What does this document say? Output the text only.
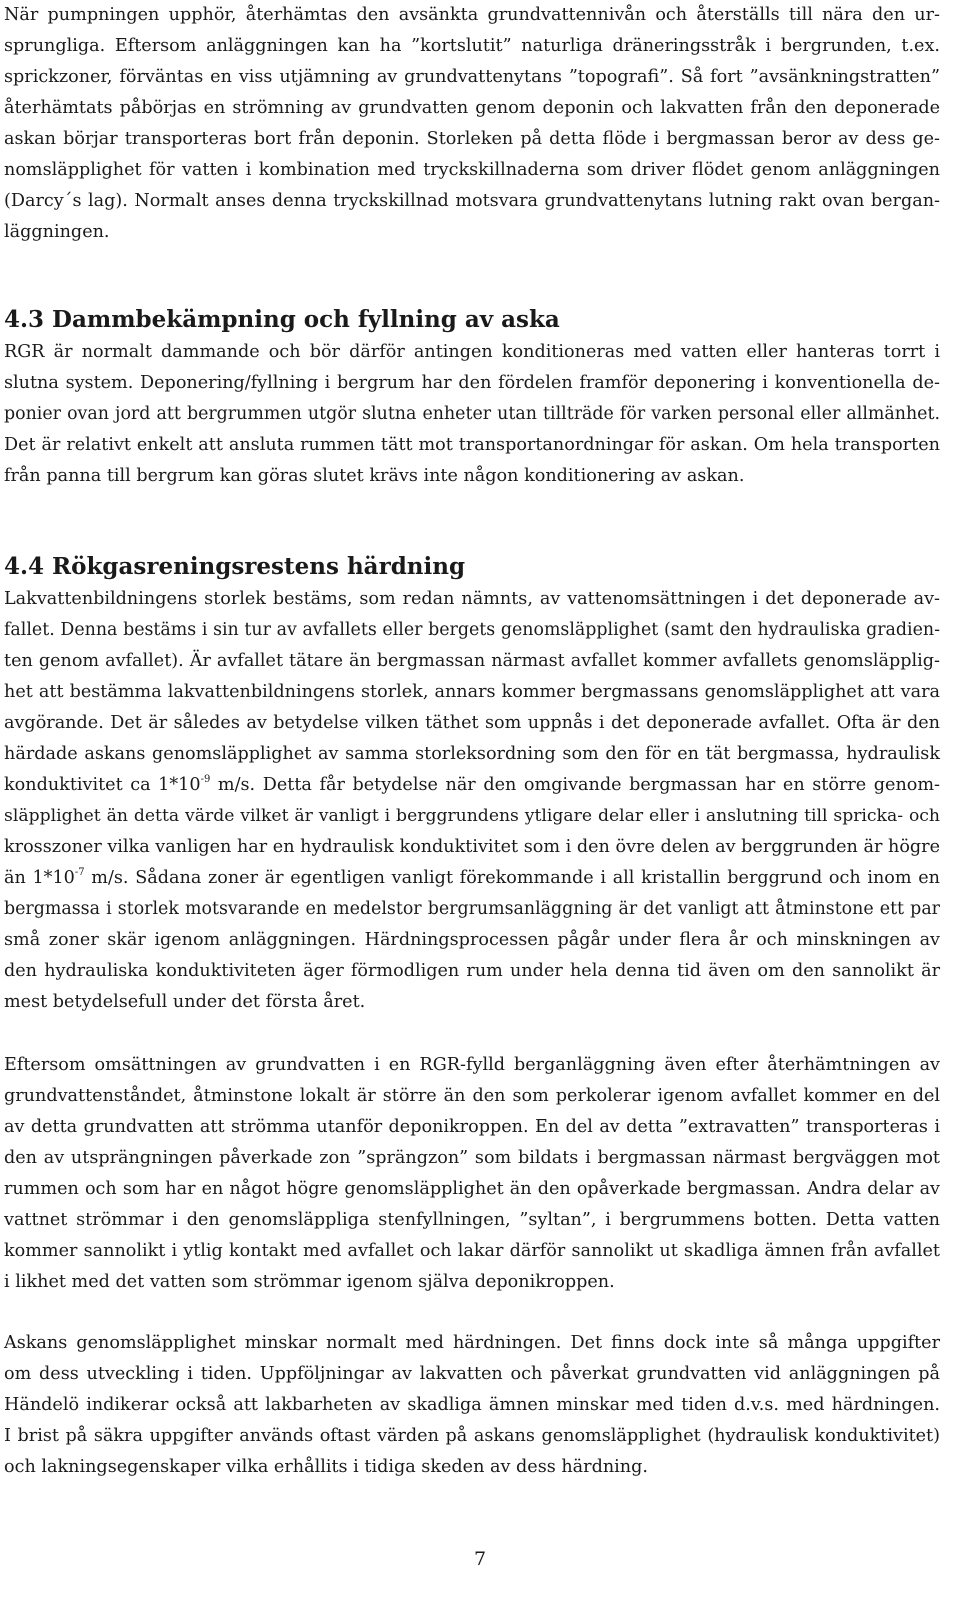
När pumpningen upphör, återhämtas den avsänkta grundvattennivån och återställs till nära den ur-
sprungliga. Eftersom anläggningen kan ha ”kortslutit” naturliga dräneringsstråk i bergrunden, t.ex.
sprickzoner, förväntas en viss utjämning av grundvattenytans ”topografi”. Så fort ”avsänkningstratten”
återhämtats påbörjas en strömning av grundvatten genom deponin och lakvatten från den deponerade
askan börjar transporteras bort från deponin. Storleken på detta flöde i bergmassan beror av dess ge-
nomsläpplighet för vatten i kombination med tryckskillnaderna som driver flödet genom anläggningen
(Darcy´s lag). Normalt anses denna tryckskillnad motsvara grundvattenytans lutning rakt ovan bergan-
läggningen.
4.3 Dammbekämpning och fyllning av aska
RGR är normalt dammande och bör därför antingen konditioneras med vatten eller hanteras torrt i
slutna system. Deponering/fyllning i bergrum har den fördelen framför deponering i konventionella de-
ponier ovan jord att bergrummen utgör slutna enheter utan tillträde för varken personal eller allmänhet.
Det är relativt enkelt att ansluta rummen tätt mot transportanordningar för askan. Om hela transporten
från panna till bergrum kan göras slutet krävs inte någon konditionering av askan.
4.4 Rökgasreningsrestens härdning
Lakvattenbildningens storlek bestäms, som redan nämnts, av vattenomsättningen i det deponerade av-
fallet. Denna bestäms i sin tur av avfallets eller bergets genomsläpplighet (samt den hydrauliska gradien-
ten genom avfallet). Är avfallet tätare än bergmassan närmast avfallet kommer avfallets genomsläpplig-
het att bestämma lakvattenbildningens storlek, annars kommer bergmassans genomsläpplighet att vara
avgörande. Det är således av betydelse vilken täthet som uppnås i det deponerade avfallet. Ofta är den
härdade askans genomsläpplighet av samma storleksordning som den för en tät bergmassa, hydraulisk
konduktivitet ca $1*10^{-9}$ m/s. Detta får betydelse när den omgivande bergmassan har en större genom-
släpplighet än detta värde vilket är vanligt i berggrundens ytligare delar eller i anslutning till spricka- och
krosszoner vilka vanligen har en hydraulisk konduktivitet som i den övre delen av berggrunden är högre
än $1*10^{-7}$ m/s. Sådana zoner är egentligen vanligt förekommande i all kristallin berggrund och inom en
bergmassa i storlek motsvarande en medelstor bergrumsanläggning är det vanligt att åtminstone ett par
små zoner skär igenom anläggningen. Härdningsprocessen pågår under flera år och minskningen av
den hydrauliska konduktiviteten äger förmodligen rum under hela denna tid även om den sannolikt är
mest betydelsefull under det första året.
Eftersom omsättningen av grundvatten i en RGR-fylld berganläggning även efter återhämtningen av
grundvattenståndet, åtminstone lokalt är större än den som perkolerar igenom avfallet kommer en del
av detta grundvatten att strömma utanför deponikroppen. En del av detta ”extravatten” transporteras i
den av utsprängningen påverkade zon ”sprängzon” som bildats i bergmassan närmast bergväggen mot
rummen och som har en något högre genomsläpplighet än den opåverkade bergmassan. Andra delar av
vattnet strömmar i den genomsläppliga stenfyllningen, ”syltan”, i bergrummens botten. Detta vatten
kommer sannolikt i ytlig kontakt med avfallet och lakar därför sannolikt ut skadliga ämnen från avfallet
i likhet med det vatten som strömmar igenom själva deponikroppen.
Askans genomsläpplighet minskar normalt med härdningen. Det finns dock inte så många uppgifter
om dess utveckling i tiden. Uppföljningar av lakvatten och påverkat grundvatten vid anläggningen på
Händelö indikerar också att lakbarheten av skadliga ämnen minskar med tiden d.v.s. med härdningen.
I brist på säkra uppgifter används oftast värden på askans genomsläpplighet (hydraulisk konduktivitet)
och lakningsegenskaper vilka erhållits i tidiga skeden av dess härdning.
7
